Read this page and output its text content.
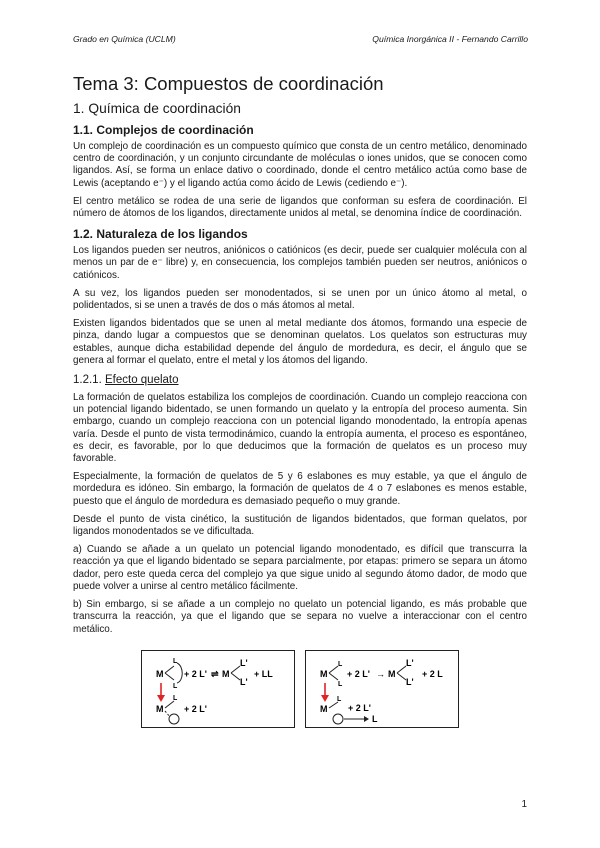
Grado en Química (UCLM)	Química Inorgánica II - Fernando Carrillo
Tema 3: Compuestos de coordinación
1. Química de coordinación
1.1. Complejos de coordinación

Un complejo de coordinación es un compuesto químico que consta de un centro metálico, denominado centro de coordinación, y un conjunto circundante de moléculas o iones unidos, que se conocen como ligandos. Así, se forma un enlace dativo o coordinado, donde el centro metálico actúa como base de Lewis (aceptando e⁻) y el ligando actúa como ácido de Lewis (cediendo e⁻).

El centro metálico se rodea de una serie de ligandos que conforman su esfera de coordinación. El número de átomos de los ligandos, directamente unidos al metal, se denomina índice de coordinación.

1.2. Naturaleza de los ligandos

Los ligandos pueden ser neutros, aniónicos o catiónicos (es decir, puede ser cualquier molécula con al menos un par de e⁻ libre) y, en consecuencia, los complejos también pueden ser neutros, aniónicos o catiónicos.

A su vez, los ligandos pueden ser monodentados, si se unen por un único átomo al metal, o polidentados, si se unen a través de dos o más átomos al metal.

Existen ligandos bidentados que se unen al metal mediante dos átomos, formando una especie de pinza, dando lugar a compuestos que se denominan quelatos. Los quelatos son estructuras muy estables, aunque dicha estabilidad depende del ángulo de mordedura, es decir, el ángulo que se genera al formar el quelato, entre el metal y los átomos del ligando.

1.2.1. Efecto quelato

La formación de quelatos estabiliza los complejos de coordinación. Cuando un complejo reacciona con un potencial ligando bidentado, se unen formando un quelato y la entropía del proceso aumenta. Sin embargo, cuando un complejo reacciona con un potencial ligando monodentado, la entropía apenas varía. Desde el punto de vista termodinámico, cuando la entropía aumenta, el proceso es espontáneo, es decir, es favorable, por lo que deducimos que la formación de quelatos es un proceso muy favorable.

Especialmente, la formación de quelatos de 5 y 6 eslabones es muy estable, ya que el ángulo de mordedura es idóneo. Sin embargo, la formación de quelatos de 4 o 7 eslabones es menos estable, puesto que el ángulo de mordedura es demasiado pequeño o muy grande.

Desde el punto de vista cinético, la sustitución de ligandos bidentados, que forman quelatos, por ligandos monodentados se ve dificultada.

a) Cuando se añade a un quelato un potencial ligando monodentado, es difícil que transcurra la reacción ya que el ligando bidentado se separa parcialmente, por etapas: primero se separa un átomo dador, pero este queda cerca del complejo ya que sigue unido al segundo átomo dador, de modo que puede volver a unirse al centro metálico fácilmente.

b) Sin embargo, si se añade a un complejo no quelato un potencial ligando, es más probable que transcurra la reacción, ya que el ligando que se separa no vuelve a interaccionar con el centro metálico.

M
L
L
+ 2 L' ⇌ M
L'
L'
+ LL
M
L
+ 2 L'
M
L
L
+ 2 L' → M
L'
L'
+ 2 L
M
L
+ 2 L'
L
1
